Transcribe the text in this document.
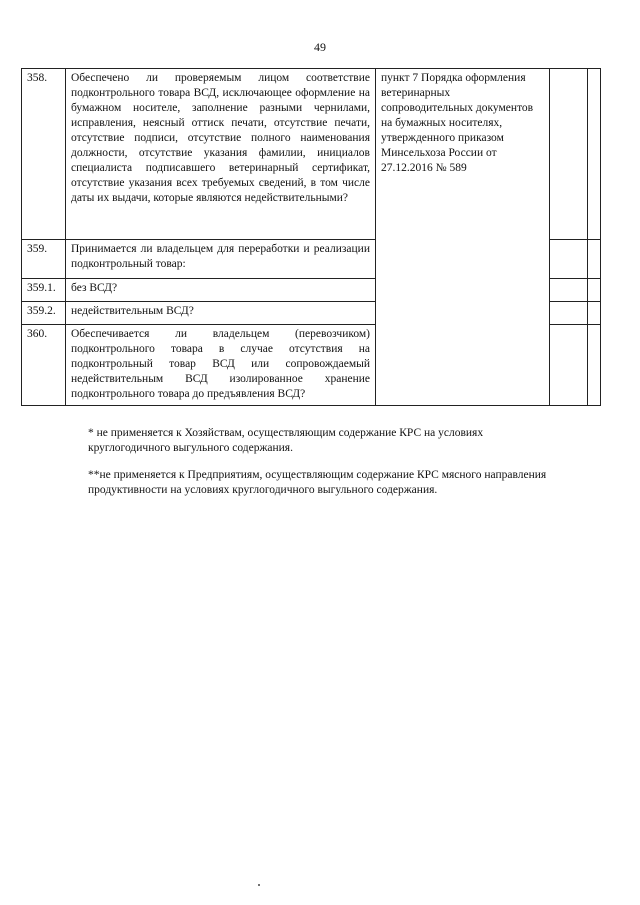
49
358.	Обеспечено ли проверяемым лицом соответствие подконтрольного товара ВСД, исключающее оформление на бумажном носителе, заполнение разными чернилами, исправления, неясный оттиск печати, отсутствие печати, отсутствие подписи, отсутствие полного наименования должности, отсутствие указания фамилии, инициалов специалиста подписавшего ветеринарный сертификат, отсутствие указания всех требуемых сведений, в том числе даты их выдачи, которые являются недействительными?	пункт 7 Порядка оформления ветеринарных сопроводительных документов на бумажных носителях, утвержденного приказом Минсельхоза России от 27.12.2016 № 589		
359.	Принимается ли владельцем для переработки и реализации подконтрольный товар:			
359.1.	без ВСД?			
359.2.	недействительным ВСД?			
360.	Обеспечивается ли владельцем (перевозчиком) подконтрольного товара в случае отсутствия на подконтрольный товар ВСД или сопровождаемый недействительным ВСД изолированное хранение подконтрольного товара до предъявления ВСД?			

* не применяется к Хозяйствам, осуществляющим содержание КРС на условиях круглогодичного выгульного содержания.

**не применяется к Предприятиям, осуществляющим содержание КРС мясного направления продуктивности на условиях круглогодичного выгульного содержания.
